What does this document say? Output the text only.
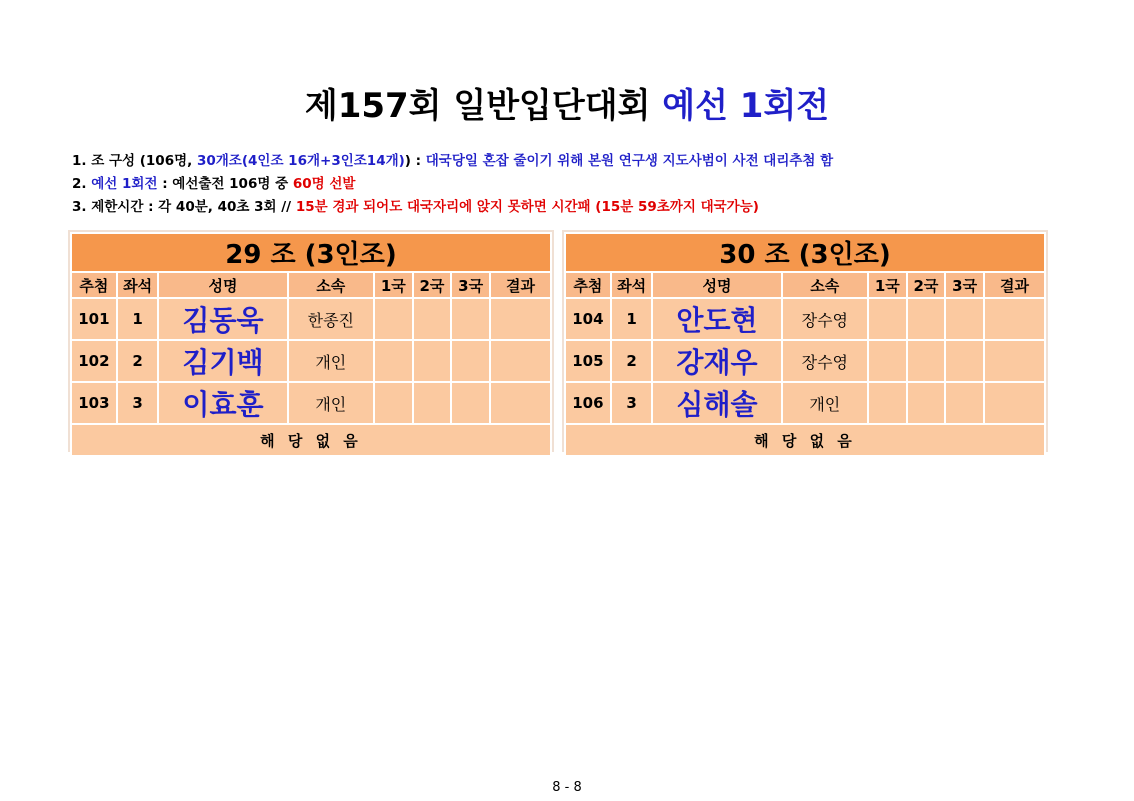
제157회 일반입단대회 예선 1회전
1. 조 구성 (106명, 30개조(4인조 16개+3인조14개)) : 대국당일 혼잡 줄이기 위해 본원 연구생 지도사범이 사전 대리추첨 함
2. 예선 1회전 : 예선출전 106명 중 60명 선발
3. 제한시간 : 각 40분, 40초 3회 // 15분 경과 되어도 대국자리에 앉지 못하면 시간패 (15분 59초까지 대국가능)
29 조 (3인조)							
추첨	좌석	성명	소속	1국	2국	3국	결과
101	1	김동욱	한종진				
102	2	김기백	개인				
103	3	이효훈	개인				
해 당 없 음							
30 조 (3인조)							
추첨	좌석	성명	소속	1국	2국	3국	결과
104	1	안도현	장수영				
105	2	강재우	장수영				
106	3	심해솔	개인				
해 당 없 음							
8 - 8
